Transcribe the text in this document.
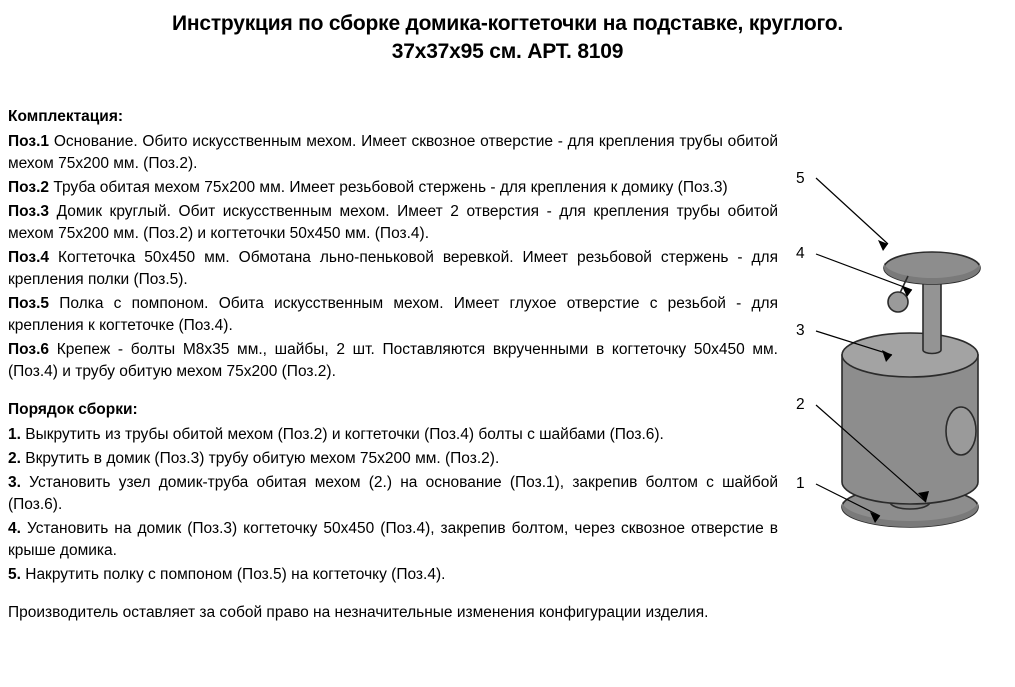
Инструкция по сборке домика-когтеточки на подставке, круглого.
37х37х95 см. АРТ. 8109
Комплектация:
Поз.1 Основание. Обито искусственным мехом. Имеет сквозное отверстие - для крепления трубы обитой мехом 75х200 мм. (Поз.2).
Поз.2 Труба обитая мехом 75х200 мм. Имеет резьбовой стержень - для крепления к домику (Поз.3)
Поз.3 Домик круглый. Обит искусственным мехом. Имеет 2 отверстия - для крепления трубы обитой мехом 75х200 мм. (Поз.2) и когтеточки 50х450 мм. (Поз.4).
Поз.4 Когтеточка 50х450 мм. Обмотана льно-пеньковой веревкой. Имеет резьбовой стержень - для крепления полки (Поз.5).
Поз.5 Полка с помпоном. Обита искусственным мехом. Имеет глухое отверстие с резьбой - для крепления к когтеточке (Поз.4).
Поз.6 Крепеж - болты М8х35 мм., шайбы, 2 шт. Поставляются вкрученными в когтеточку 50х450 мм. (Поз.4) и трубу обитую мехом 75х200 (Поз.2).
Порядок сборки:
1. Выкрутить из трубы обитой мехом (Поз.2) и когтеточки (Поз.4) болты с шайбами (Поз.6).
2. Вкрутить в домик (Поз.3) трубу обитую мехом 75х200 мм. (Поз.2).
3. Установить узел домик-труба обитая мехом (2.) на основание (Поз.1), закрепив болтом с шайбой (Поз.6).
4. Установить на домик (Поз.3) когтеточку 50х450 (Поз.4), закрепив болтом, через сквозное отверстие в крыше домика.
5. Накрутить полку с помпоном (Поз.5) на когтеточку (Поз.4).
Производитель оставляет за собой право на незначительные изменения конфигурации изделия.
5
4
3
2
1
